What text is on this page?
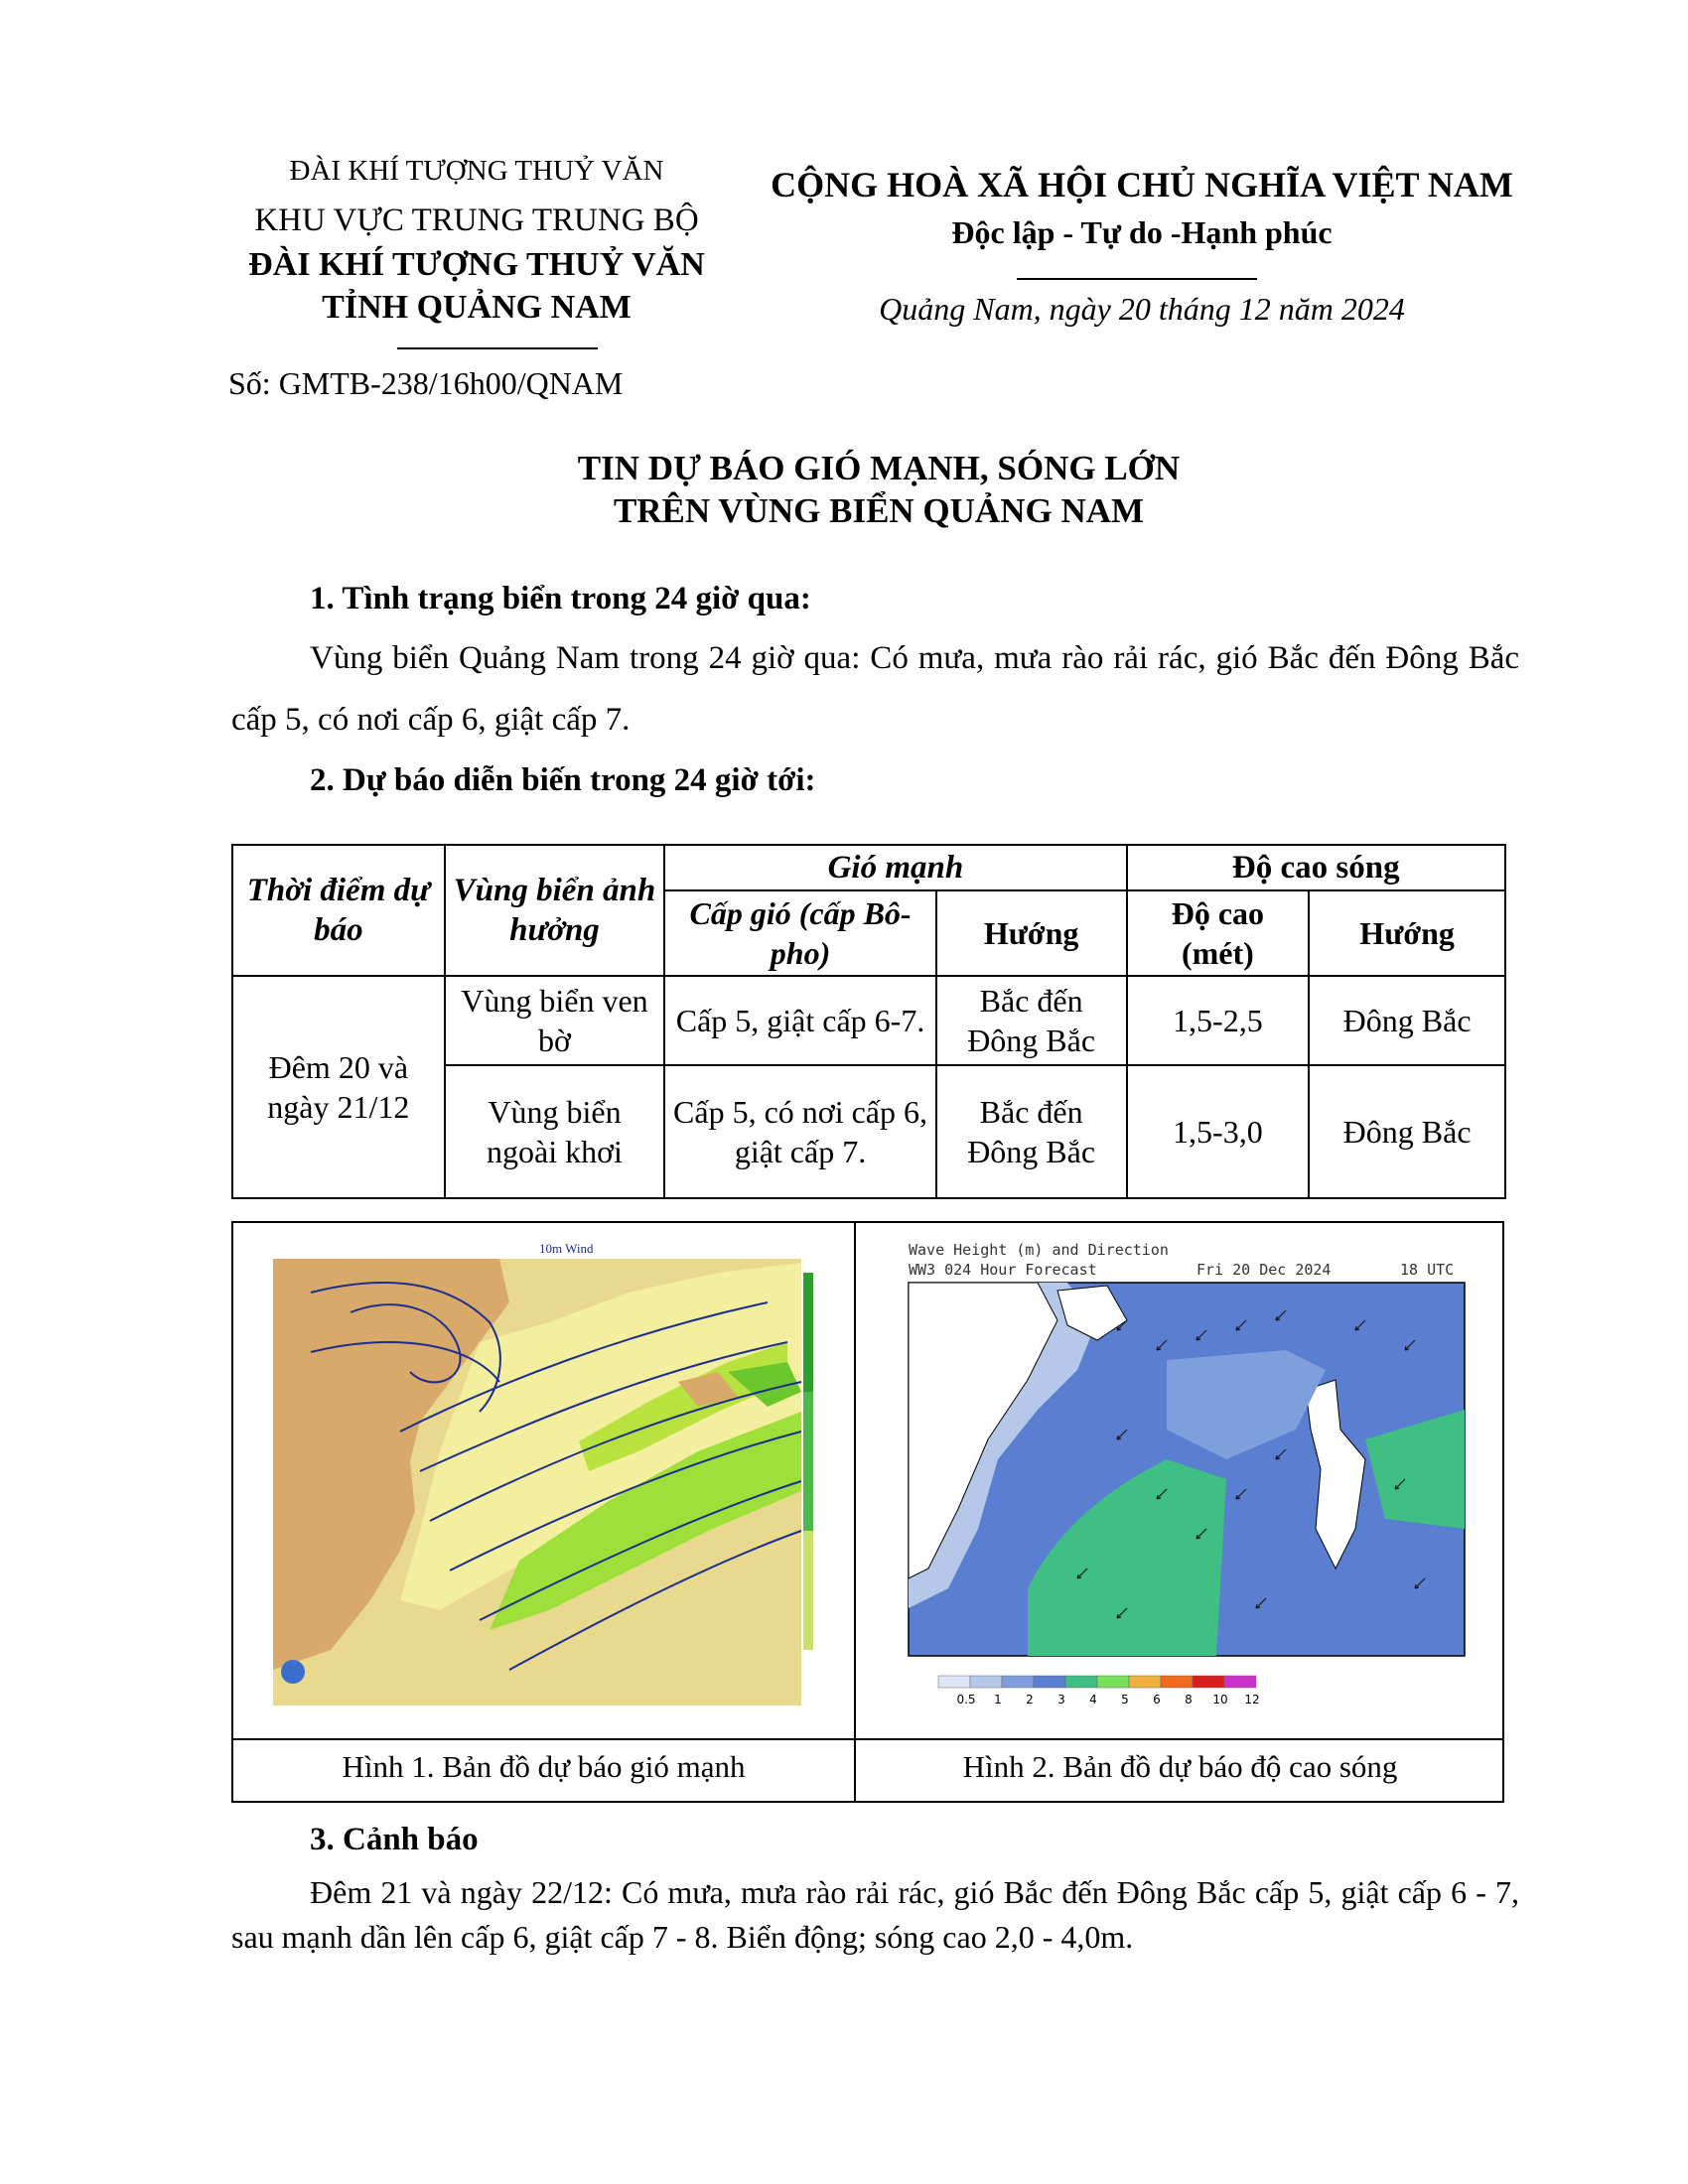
ĐÀI KHÍ TƯỢNG THUỶ VĂN
KHU VỰC TRUNG TRUNG BỘ
ĐÀI KHÍ TƯỢNG THUỶ VĂN
TỈNH QUẢNG NAM
Số: GMTB-238/16h00/QNAM
CỘNG HOÀ XÃ HỘI CHỦ NGHĨA VIỆT NAM
Độc lập - Tự do -Hạnh phúc
Quảng Nam, ngày 20 tháng 12 năm 2024
TIN DỰ BÁO GIÓ MẠNH, SÓNG LỚN
TRÊN VÙNG BIỂN QUẢNG NAM
1. Tình trạng biển trong 24 giờ qua:
Vùng biển Quảng Nam trong 24 giờ qua: Có mưa, mưa rào rải rác, gió Bắc đến Đông Bắc cấp 5, có nơi cấp 6, giật cấp 7.
2. Dự báo diễn biến trong 24 giờ tới:
Thời điểm dự báo	Vùng biển ảnh hưởng	Gió mạnh		Độ cao sóng	
		Cấp gió (cấp Bô-pho)	Hướng	Độ cao (mét)	Hướng
Đêm 20 và ngày 21/12	Vùng biển ven bờ	Cấp 5, giật cấp 6-7.	Bắc đến Đông Bắc	1,5-2,5	Đông Bắc
	Vùng biển ngoài khơi	Cấp 5, có nơi cấp 6, giật cấp 7.	Bắc đến Đông Bắc	1,5-3,0	Đông Bắc
10m Wind	Wave Height (m) and Direction
WW3 024 Hour Forecast	Fri 20 Dec 2024	18 UTC
0.5 1 2 3 4 5 6 8 10 12
Hình 1. Bản đồ dự báo gió mạnh	Hình 2. Bản đồ dự báo độ cao sóng
3. Cảnh báo
Đêm 21 và ngày 22/12: Có mưa, mưa rào rải rác, gió Bắc đến Đông Bắc cấp 5, giật cấp 6 - 7, sau mạnh dần lên cấp 6, giật cấp 7 - 8. Biển động; sóng cao 2,0 - 4,0m.
